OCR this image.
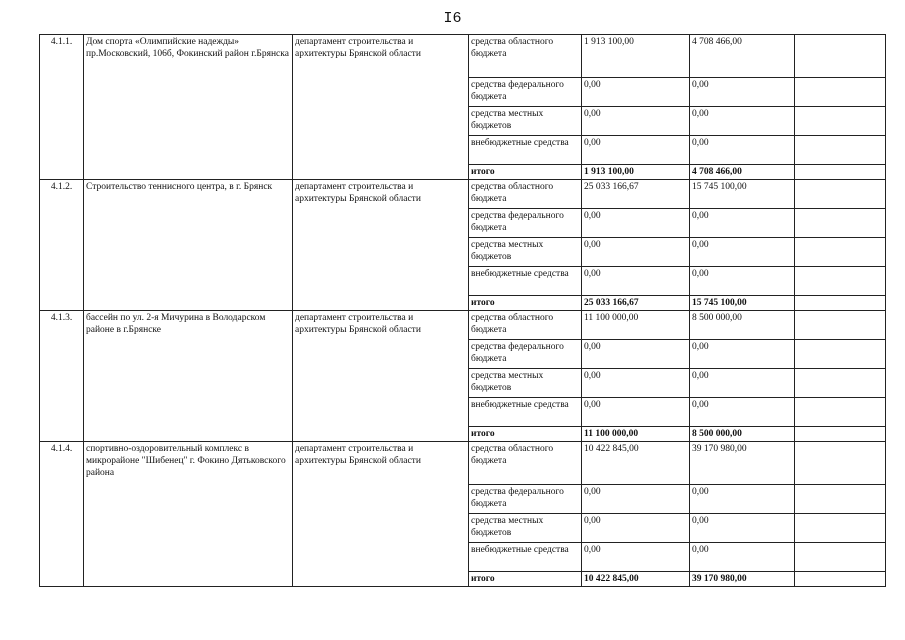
I6
4.1.1.	Дом спорта «Олимпийские надежды» пр.Московский, 106б, Фокинский район г.Брянска	департамент строительства и архитектуры Брянской области	средства областного бюджета	1 913 100,00	4 708 466,00	
			средства федерального бюджета	0,00	0,00	
			средства местных бюджетов	0,00	0,00	
			внебюджетные средства	0,00	0,00	
			итого	1 913 100,00	4 708 466,00	
4.1.2.	Строительство теннисного центра, в г. Брянск	департамент строительства и архитектуры Брянской области	средства областного бюджета	25 033 166,67	15 745 100,00	
			средства федерального бюджета	0,00	0,00	
			средства местных бюджетов	0,00	0,00	
			внебюджетные средства	0,00	0,00	
			итого	25 033 166,67	15 745 100,00	
4.1.3.	бассейн по ул. 2-я Мичурина в Володарском районе в г.Брянске	департамент строительства и архитектуры Брянской области	средства областного бюджета	11 100 000,00	8 500 000,00	
			средства федерального бюджета	0,00	0,00	
			средства местных бюджетов	0,00	0,00	
			внебюджетные средства	0,00	0,00	
			итого	11 100 000,00	8 500 000,00	
4.1.4.	спортивно-оздоровительный комплекс в микрорайоне "Шибенец" г. Фокино Дятьковского района	департамент строительства и архитектуры Брянской области	средства областного бюджета	10 422 845,00	39 170 980,00	
			средства федерального бюджета	0,00	0,00	
			средства местных бюджетов	0,00	0,00	
			внебюджетные средства	0,00	0,00	
			итого	10 422 845,00	39 170 980,00	
